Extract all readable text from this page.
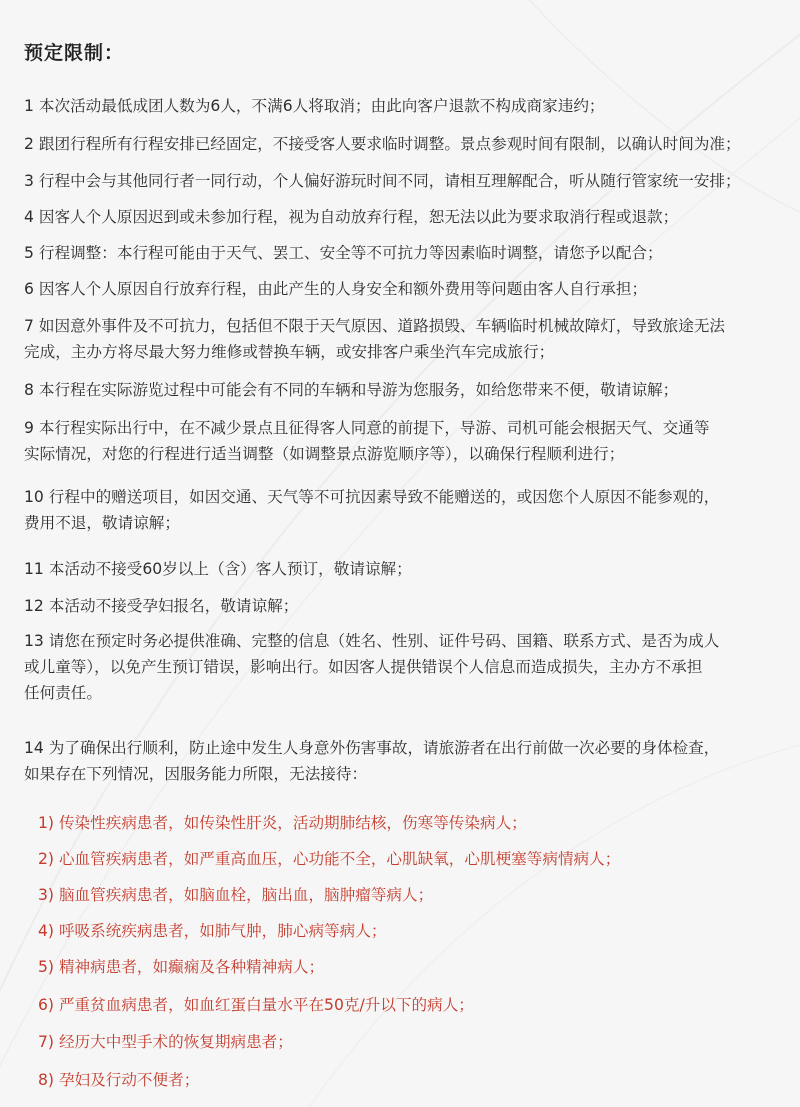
预定限制：
1 本次活动最低成团人数为6人，不满6人将取消；由此向客户退款不构成商家违约；
2 跟团行程所有行程安排已经固定，不接受客人要求临时调整。景点参观时间有限制，以确认时间为准；
3 行程中会与其他同行者一同行动，个人偏好游玩时间不同，请相互理解配合，听从随行管家统一安排；
4 因客人个人原因迟到或未参加行程，视为自动放弃行程，恕无法以此为要求取消行程或退款；
5 行程调整：本行程可能由于天气、罢工、安全等不可抗力等因素临时调整，请您予以配合；
6 因客人个人原因自行放弃行程，由此产生的人身安全和额外费用等问题由客人自行承担；
7 如因意外事件及不可抗力，包括但不限于天气原因、道路损毁、车辆临时机械故障灯，导致旅途无法
完成，主办方将尽最大努力维修或替换车辆，或安排客户乘坐汽车完成旅行；
8 本行程在实际游览过程中可能会有不同的车辆和导游为您服务，如给您带来不便，敬请谅解；
9 本行程实际出行中，在不减少景点且征得客人同意的前提下，导游、司机可能会根据天气、交通等
实际情况，对您的行程进行适当调整（如调整景点游览顺序等），以确保行程顺利进行；
10 行程中的赠送项目，如因交通、天气等不可抗因素导致不能赠送的，或因您个人原因不能参观的，
费用不退，敬请谅解；
11 本活动不接受60岁以上（含）客人预订，敬请谅解；
12 本活动不接受孕妇报名，敬请谅解；
13 请您在预定时务必提供准确、完整的信息（姓名、性别、证件号码、国籍、联系方式、是否为成人
或儿童等），以免产生预订错误，影响出行。如因客人提供错误个人信息而造成损失，主办方不承担
任何责任。
14 为了确保出行顺利，防止途中发生人身意外伤害事故，请旅游者在出行前做一次必要的身体检查，
如果存在下列情况，因服务能力所限，无法接待：
1) 传染性疾病患者，如传染性肝炎，活动期肺结核，伤寒等传染病人；
2) 心血管疾病患者，如严重高血压，心功能不全，心肌缺氧，心肌梗塞等病情病人；
3) 脑血管疾病患者，如脑血栓，脑出血，脑肿瘤等病人；
4) 呼吸系统疾病患者，如肺气肿，肺心病等病人；
5) 精神病患者，如癫痫及各种精神病人；
6) 严重贫血病患者，如血红蛋白量水平在50克/升以下的病人；
7) 经历大中型手术的恢复期病患者；
8) 孕妇及行动不便者；
